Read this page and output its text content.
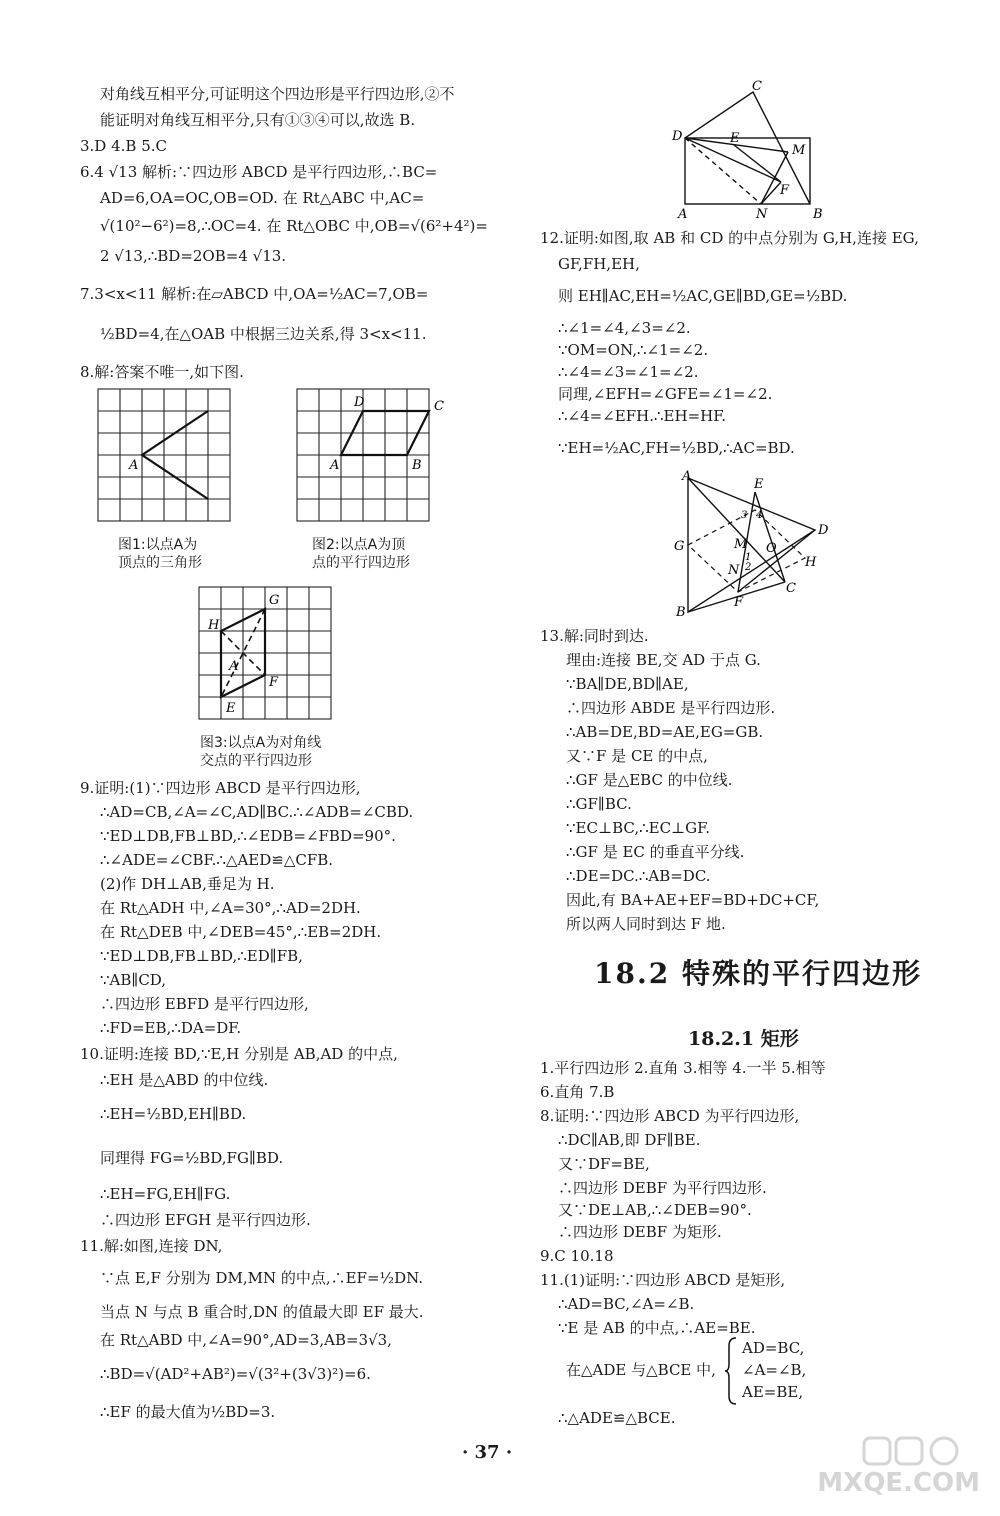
对角线互相平分,可证明这个四边形是平行四边形,②不
能证明对角线互相平分,只有①③④可以,故选 B.
3.D 4.B 5.C
6.4 √13 解析:∵四边形 ABCD 是平行四边形,∴BC=
AD=6,OA=OC,OB=OD. 在 Rt△ABC 中,AC=
√(10²−6²)=8,∴OC=4. 在 Rt△OBC 中,OB=√(6²+4²)=
2 √13,∴BD=2OB=4 √13.
7.3<x<11 解析:在▱ABCD 中,OA=½AC=7,OB=
½BD=4,在△OAB 中根据三边关系,得 3<x<11.
8.解:答案不唯一,如下图.
A
图1:以点A为
顶点的三角形
A
D	C
B
图2:以点A为顶
点的平行四边形
G
H
A
F
E
图3:以点A为对角线
交点的平行四边形
9.证明:(1)∵四边形 ABCD 是平行四边形,
∴AD=CB,∠A=∠C,AD∥BC.∴∠ADB=∠CBD.
∵ED⊥DB,FB⊥BD,∴∠EDB=∠FBD=90°.
∴∠ADE=∠CBF.∴△AED≌△CFB.
(2)作 DH⊥AB,垂足为 H.
在 Rt△ADH 中,∠A=30°,∴AD=2DH.
在 Rt△DEB 中,∠DEB=45°,∴EB=2DH.
∵ED⊥DB,FB⊥BD,∴ED∥FB,
∵AB∥CD,
∴四边形 EBFD 是平行四边形,
∴FD=EB,∴DA=DF.
10.证明:连接 BD,∵E,H 分别是 AB,AD 的中点,
∴EH 是△ABD 的中位线.
∴EH=½BD,EH∥BD.
同理得 FG=½BD,FG∥BD.
∴EH=FG,EH∥FG.
∴四边形 EFGH 是平行四边形.
11.解:如图,连接 DN,
∵点 E,F 分别为 DM,MN 的中点,∴EF=½DN.
当点 N 与点 B 重合时,DN 的值最大即 EF 最大.
在 Rt△ABD 中,∠A=90°,AD=3,AB=3√3,
∴BD=√(AD²+AB²)=√(3²+(3√3)²)=6.
∴EF 的最大值为½BD=3.
C
D	E
M
F
A	N	B
12.证明:如图,取 AB 和 CD 的中点分别为 G,H,连接 EG,
GF,FH,EH,
则 EH∥AC,EH=½AC,GE∥BD,GE=½BD.
∴∠1=∠4,∠3=∠2.
∵OM=ON,∴∠1=∠2.
∴∠4=∠3=∠1=∠2.
同理,∠EFH=∠GFE=∠1=∠2.
∴∠4=∠EFH.∴EH=HF.
∵EH=½AC,FH=½BD,∴AC=BD.
A
E
D
G	M O
H
N
C
F
B
3 4
1
2
13.解:同时到达.
理由:连接 BE,交 AD 于点 G.
∵BA∥DE,BD∥AE,
∴四边形 ABDE 是平行四边形.
∴AB=DE,BD=AE,EG=GB.
又∵F 是 CE 的中点,
∴GF 是△EBC 的中位线.
∴GF∥BC.
∵EC⊥BC,∴EC⊥GF.
∴GF 是 EC 的垂直平分线.
∴DE=DC.∴AB=DC.
因此,有 BA+AE+EF=BD+DC+CF,
所以两人同时到达 F 地.
18.2 特殊的平行四边形
18.2.1 矩形
1.平行四边形 2.直角 3.相等 4.一半 5.相等
6.直角 7.B
8.证明:∵四边形 ABCD 为平行四边形,
∴DC∥AB,即 DF∥BE.
又∵DF=BE,
∴四边形 DEBF 为平行四边形.
又∵DE⊥AB,∴∠DEB=90°.
∴四边形 DEBF 为矩形.
9.C 10.18
11.(1)证明:∵四边形 ABCD 是矩形,
∴AD=BC,∠A=∠B.
∵E 是 AB 的中点,∴AE=BE.
在△ADE 与△BCE 中,
AD=BC,
∠A=∠B,
AE=BE,
∴△ADE≌△BCE.
· 37 ·
MXQE.COM
